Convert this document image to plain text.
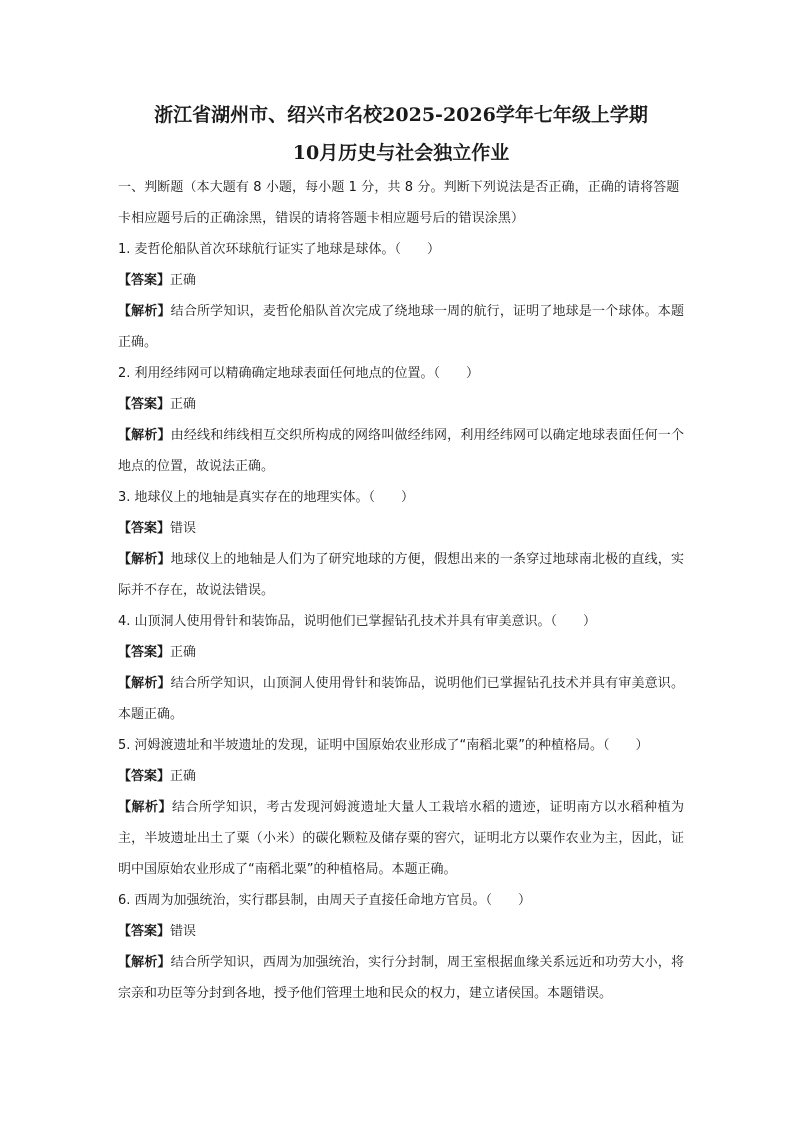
浙江省湖州市、绍兴市名校2025-2026学年七年级上学期
10月历史与社会独立作业

一、判断题（本大题有 8 小题，每小题 1 分，共 8 分。判断下列说法是否正确，正确的请将答题卡相应题号后的正确涂黑，错误的请将答题卡相应题号后的错误涂黑）

1. 麦哲伦船队首次环球航行证实了地球是球体。（　　）

【答案】正确

【解析】结合所学知识，麦哲伦船队首次完成了绕地球一周的航行，证明了地球是一个球体。本题正确。

2. 利用经纬网可以精确确定地球表面任何地点的位置。（　　）

【答案】正确

【解析】由经线和纬线相互交织所构成的网络叫做经纬网，利用经纬网可以确定地球表面任何一个地点的位置，故说法正确。

3. 地球仪上的地轴是真实存在的地理实体。（　　）

【答案】错误

【解析】地球仪上的地轴是人们为了研究地球的方便，假想出来的一条穿过地球南北极的直线，实际并不存在，故说法错误。

4. 山顶洞人使用骨针和装饰品，说明他们已掌握钻孔技术并具有审美意识。（　　）

【答案】正确

【解析】结合所学知识，山顶洞人使用骨针和装饰品，说明他们已掌握钻孔技术并具有审美意识。本题正确。

5. 河姆渡遗址和半坡遗址的发现，证明中国原始农业形成了“南稻北粟”的种植格局。（　　）

【答案】正确

【解析】结合所学知识，考古发现河姆渡遗址大量人工栽培水稻的遗迹，证明南方以水稻种植为主，半坡遗址出土了粟（小米）的碳化颗粒及储存粟的窖穴，证明北方以粟作农业为主，因此，证明中国原始农业形成了“南稻北粟”的种植格局。本题正确。

6. 西周为加强统治，实行郡县制，由周天子直接任命地方官员。（　　）

【答案】错误

【解析】结合所学知识，西周为加强统治，实行分封制，周王室根据血缘关系远近和功劳大小，将宗亲和功臣等分封到各地，授予他们管理土地和民众的权力，建立诸侯国。本题错误。
